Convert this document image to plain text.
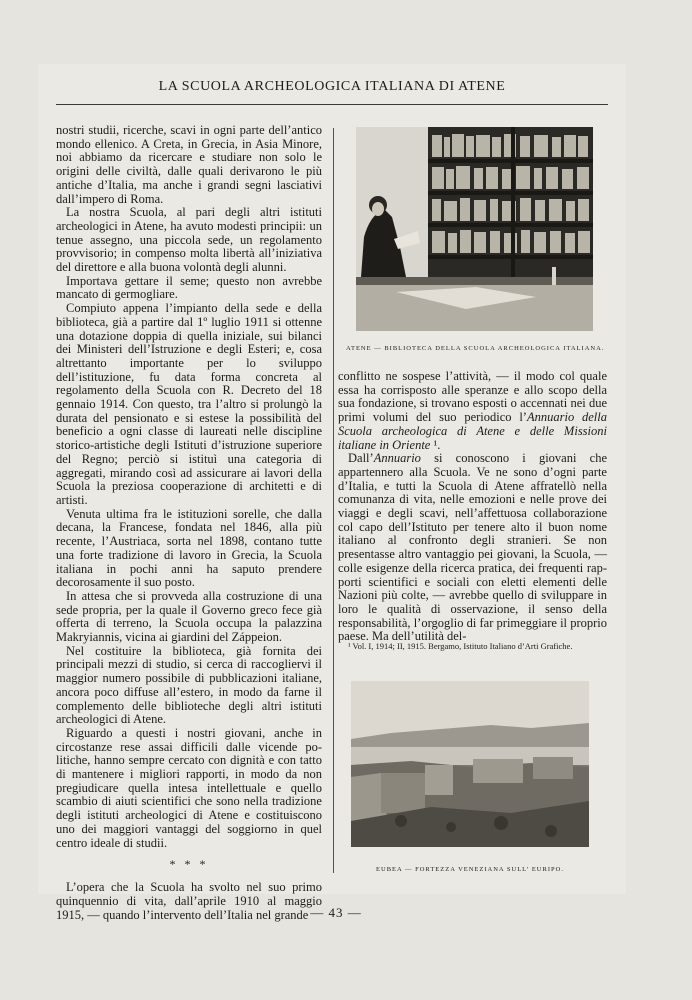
LA SCUOLA ARCHEOLOGICA ITALIANA DI ATENE

nostri studii, ricerche, scavi in ogni parte dell’antico mondo ellenico. A Creta, in Grecia, in Asia Minore, noi abbiamo da ricercare e studiare non solo le origini delle civiltà, dalle quali derivarono le più antiche d’Italia, ma anche i grandi segni lasciativi dall’impero di Roma.

La nostra Scuola, al pari degli altri istituti archeologici in Atene, ha avuto modesti principii: un tenue assegno, una piccola sede, un regolamento provvisorio; in compenso molta libertà all’iniziativa del direttore e alla buona volontà degli alunni.

Importava gettare il seme; questo non avrebbe mancato di germogliare.

Compiuto appena l’impianto della sede e della biblioteca, già a partire dal 1º luglio 1911 si ottenne una dotazione doppia di quella iniziale, sui bilanci dei Ministeri dell’Istruzione e degli Esteri; e, cosa altrettanto importante per lo sviluppo dell’istituzione, fu data forma concreta al regolamento della Scuola con R. Decreto del 18 gennaio 1914. Con questo, tra l’altro si prolungò la durata del pensionato e si estese la possibilità del beneficio a ogni classe di laureati nelle discipline storico-artistiche degli Istituti d’istruzione superiore del Regno; perciò si istituì una categoria di aggregati, mirando così ad assicurare ai lavori della Scuola la preziosa cooperazione di architetti e di artisti.

Venuta ultima fra le istituzioni sorelle, che dalla decana, la Francese, fondata nel 1846, alla più recente, l’Austriaca, sorta nel 1898, contano tutte una forte tradizione di lavoro in Grecia, la Scuola italiana in pochi anni ha saputo prendere decorosamente il suo posto.

In attesa che si provveda alla costruzione di una sede propria, per la quale il Governo greco fece già offerta di terreno, la Scuola occupa la palazzina Makryiannis, vicina ai giardini del Záppeion.

Nel costituire la biblioteca, già fornita dei principali mezzi di studio, si cerca di raccogliervi il maggior numero possibile di pubblicazioni italiane, ancora poco diffuse all’estero, in modo da farne il complemento delle biblioteche degli altri istituti archeologici di Atene.

Riguardo a questi i nostri giovani, anche in circostanze rese assai difficili dalle vicende politiche, hanno sempre cercato con dignità e con tatto di mantenere i migliori rapporti, in modo da non pregiudicare quella intesa intellettuale e quello scambio di aiuti scientifici che sono nella tradizione degli istituti archeologici di Atene e costituiscono uno dei maggiori vantaggi del soggiorno in quel centro ideale di studii.

* * *

L’opera che la Scuola ha svolto nel suo primo quinquennio di vita, dall’aprile 1910 al maggio 1915, — quando l’intervento dell’Italia nel grande

ATENE — BIBLIOTECA DELLA SCUOLA ARCHEOLOGICA ITALIANA.

conflitto ne sospese l’attività, — il modo col quale essa ha corrisposto alle speranze e allo scopo della sua fondazione, si trovano esposti o accennati nei due primi volumi del suo periodico l’Annuario della Scuola archeologica di Atene e delle Missioni italiane in Oriente ¹.

Dall’Annuario si conoscono i giovani che appartennero alla Scuola. Ve ne sono d’ogni parte d’Italia, e tutti la Scuola di Atene affratellò nella comunanza di vita, nelle emozioni e nelle prove dei viaggi e degli scavi, nell’affettuosa collaborazione col capo dell’Istituto per tenere alto il buon nome italiano al confronto degli stranieri. Se non presentasse altro vantaggio pei giovani, la Scuola, — colle esigenze della ricerca pratica, dei frequenti rapporti scientifici e sociali con eletti elementi delle Nazioni più colte, — avrebbe quello di sviluppare in loro le qualità di osservazione, il senso della responsabilità, l’orgoglio di far primeggiare il proprio paese. Ma dell’utilità del-

¹ Vol. I, 1914; II, 1915. Bergamo, Istituto Italiano d’Arti Grafiche.
EUBEA — FORTEZZA VENEZIANA SULL’ EURIPO.
— 43 —
